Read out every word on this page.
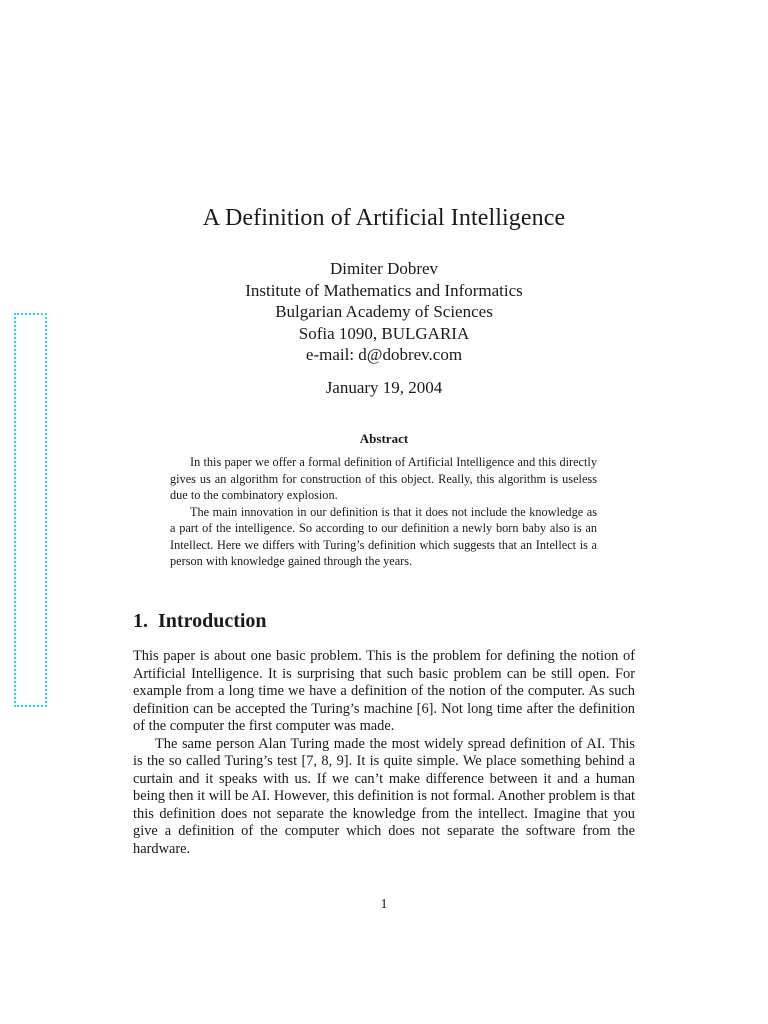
A Definition of Artificial Intelligence
Dimiter Dobrev
Institute of Mathematics and Informatics
Bulgarian Academy of Sciences
Sofia 1090, BULGARIA
e-mail: d@dobrev.com
January 19, 2004
Abstract

In this paper we offer a formal definition of Artificial Intelligence and this directly gives us an algorithm for construction of this object. Really, this algorithm is useless due to the combinatory explosion.

The main innovation in our definition is that it does not include the knowledge as a part of the intelligence. So according to our definition a newly born baby also is an Intellect. Here we differs with Turing’s definition which suggests that an Intellect is a person with knowledge gained through the years.

1. Introduction

This paper is about one basic problem. This is the problem for defining the notion of Artificial Intelligence. It is surprising that such basic problem can be still open. For example from a long time we have a definition of the notion of the computer. As such definition can be accepted the Turing’s machine [6]. Not long time after the definition of the computer the first computer was made.

The same person Alan Turing made the most widely spread definition of AI. This is the so called Turing’s test [7, 8, 9]. It is quite simple. We place something behind a curtain and it speaks with us. If we can’t make difference between it and a human being then it will be AI. However, this definition is not formal. Another problem is that this definition does not separate the knowledge from the intellect. Imagine that you give a definition of the computer which does not separate the software from the hardware.

1
